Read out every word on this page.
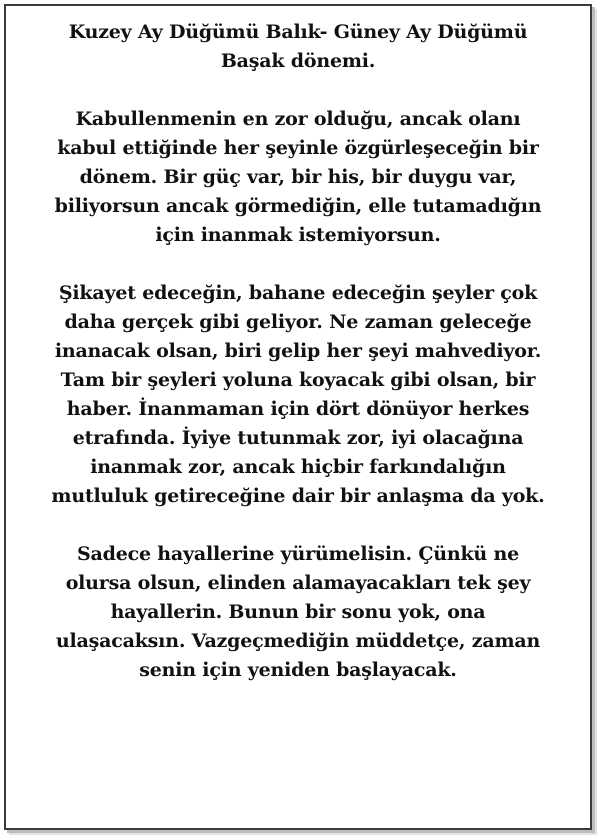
Kuzey Ay Düğümü Balık- Güney Ay Düğümü
Başak dönemi.
Kabullenmenin en zor olduğu, ancak olanı
kabul ettiğinde her şeyinle özgürleşeceğin bir
dönem. Bir güç var, bir his, bir duygu var,
biliyorsun ancak görmediğin, elle tutamadığın
için inanmak istemiyorsun.
Şikayet edeceğin, bahane edeceğin şeyler çok
daha gerçek gibi geliyor. Ne zaman geleceğe
inanacak olsan, biri gelip her şeyi mahvediyor.
Tam bir şeyleri yoluna koyacak gibi olsan, bir
haber. İnanmaman için dört dönüyor herkes
etrafında. İyiye tutunmak zor, iyi olacağına
inanmak zor, ancak hiçbir farkındalığın
mutluluk getireceğine dair bir anlaşma da yok.
Sadece hayallerine yürümelisin. Çünkü ne
olursa olsun, elinden alamayacakları tek şey
hayallerin. Bunun bir sonu yok, ona
ulaşacaksın. Vazgeçmediğin müddetçe, zaman
senin için yeniden başlayacak.
